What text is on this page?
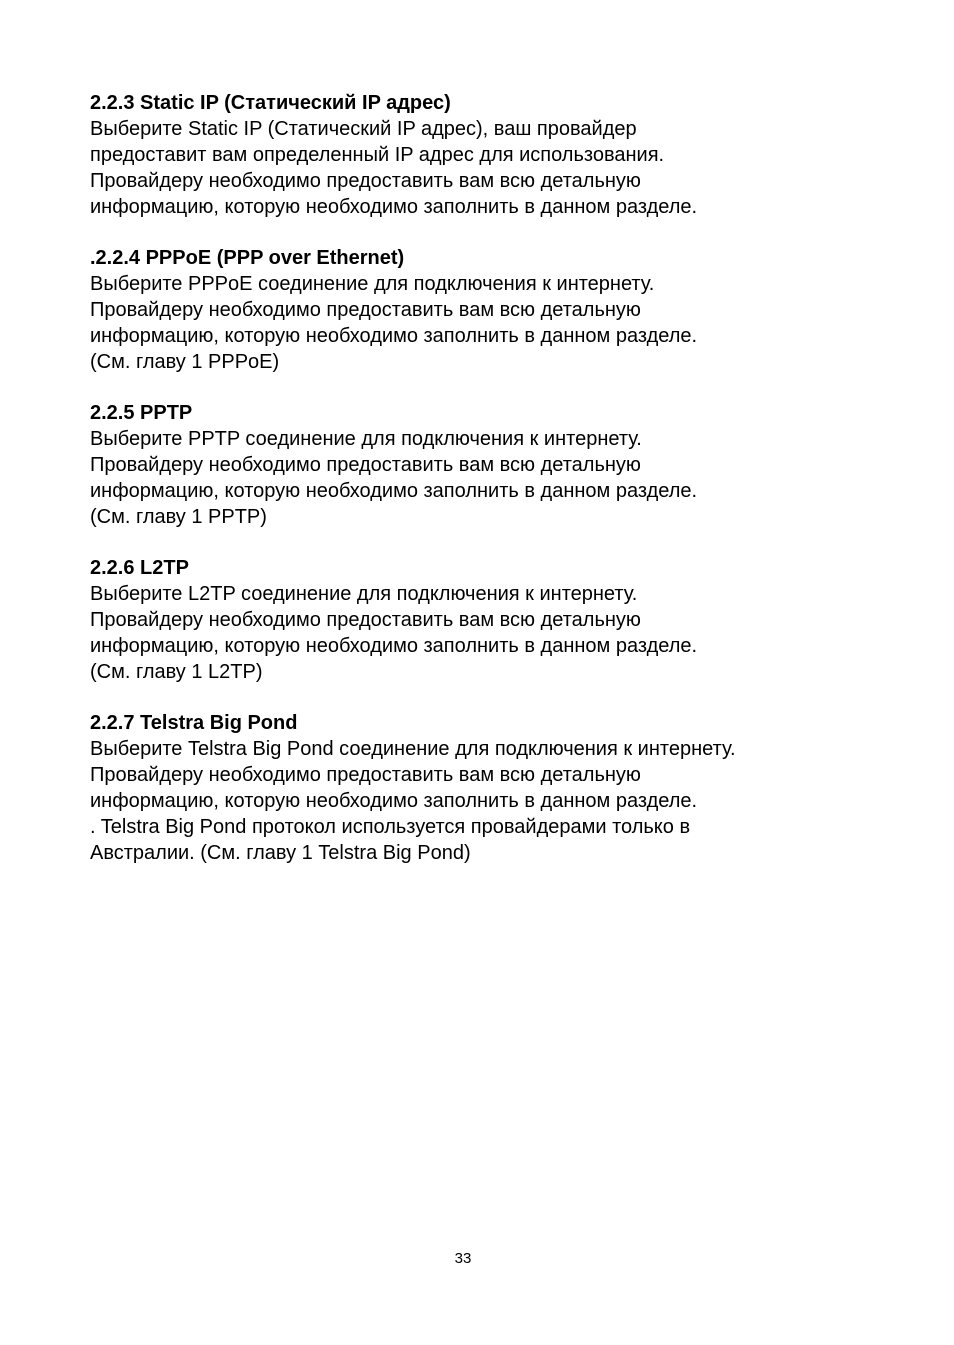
2.2.3 Static IP (Статический IP адрес)

Выберите Static IP (Статический IP адрес), ваш провайдер

предоставит вам определенный IP адрес для использования.

Провайдеру необходимо предоставить вам всю детальную

информацию, которую необходимо заполнить в данном разделе.

.2.2.4 PPPoE (PPP over Ethernet)

Выберите PPPoE соединение для подключения к интернету.

Провайдеру необходимо предоставить вам всю детальную

информацию, которую необходимо заполнить в данном разделе.

(См. главу 1 PPPoE)

2.2.5 PPTP

Выберите PPTP соединение для подключения к интернету.

Провайдеру необходимо предоставить вам всю детальную

информацию, которую необходимо заполнить в данном разделе.

(См. главу 1 PPTP)

2.2.6 L2TP

Выберите L2TP соединение для подключения к интернету.

Провайдеру необходимо предоставить вам всю детальную

информацию, которую необходимо заполнить в данном разделе.

(См. главу 1 L2TP)

2.2.7 Telstra Big Pond

Выберите Telstra Big Pond соединение для подключения к интернету.

Провайдеру необходимо предоставить вам всю детальную

информацию, которую необходимо заполнить в данном разделе.

. Telstra Big Pond протокол используется провайдерами только в

Австралии. (См. главу 1 Telstra Big Pond)

33
